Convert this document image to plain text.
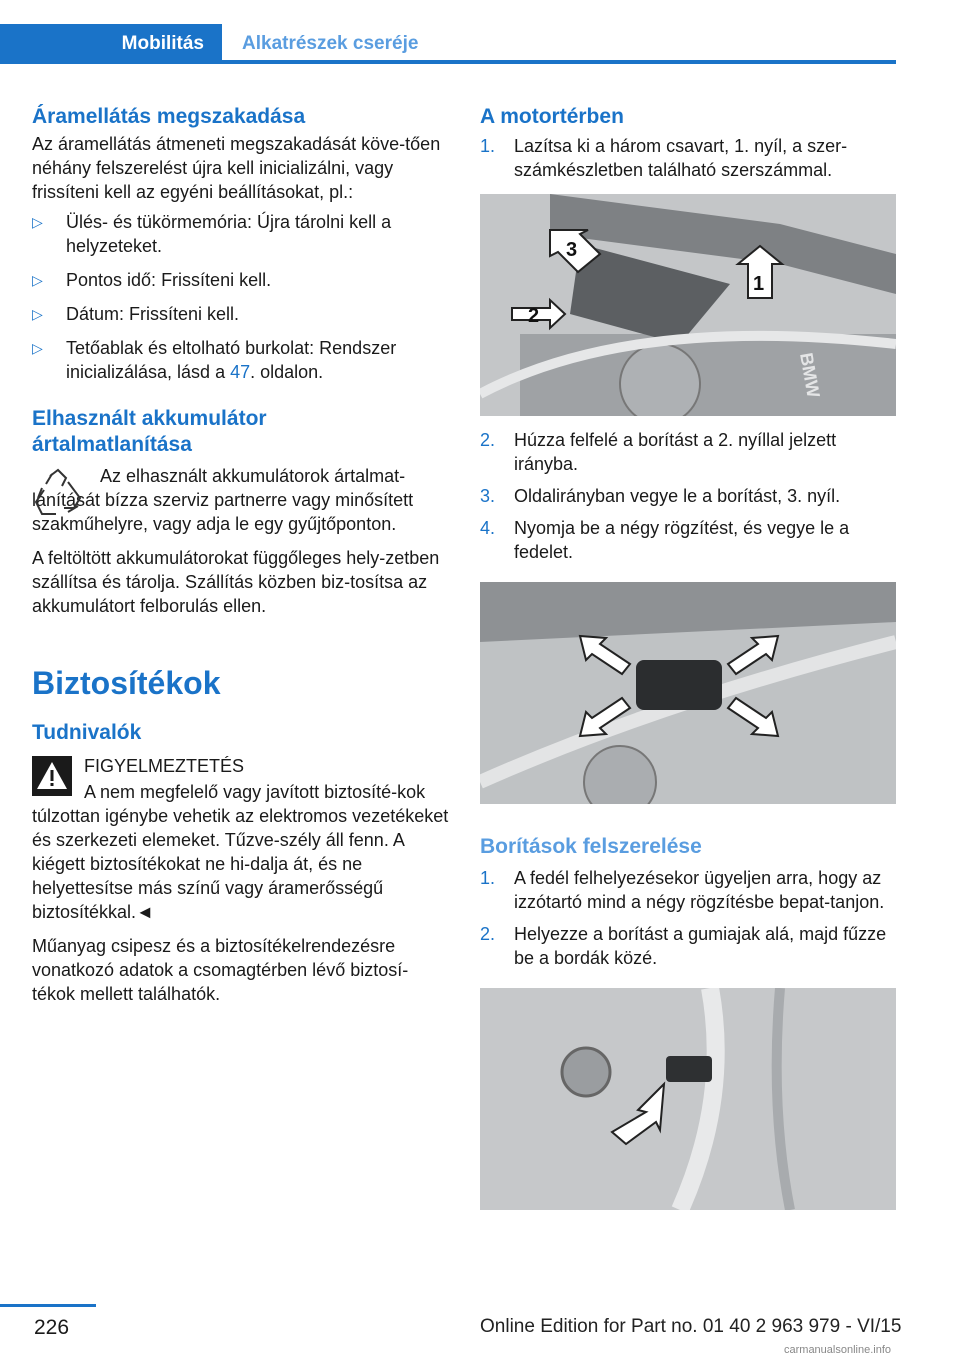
Mobilitás	Alkatrészek cseréje
Áramellátás megszakadása

Az áramellátás átmeneti megszakadását köve-tően néhány felszerelést újra kell inicializálni, vagy frissíteni kell az egyéni beállításokat, pl.:

▷ Ülés- és tükörmemória: Újra tárolni kell a helyzeteket.
▷ Pontos idő: Frissíteni kell.
▷ Dátum: Frissíteni kell.
▷ Tetőablak és eltolható burkolat: Rendszer inicializálása, lásd a 47. oldalon.
Elhasznált akkumulátor ártalmatlanítása

Az elhasznált akkumulátorok ártalmat-lanítását bízza szerviz partnerre vagy minősített szakműhelyre, vagy adja le egy gyűjtőponton.

A feltöltött akkumulátorokat függőleges hely-zetben szállítsa és tárolja. Szállítás közben biz-tosítsa az akkumulátort felborulás ellen.

Biztosítékok
Tudnivalók

FIGYELMEZTETÉS

A nem megfelelő vagy javított biztosíté-kok túlzottan igénybe vehetik az elektromos vezetékeket és szerkezeti elemeket. Tűzve-szély áll fenn. A kiégett biztosítékokat ne hi-dalja át, és ne helyettesítse más színű vagy áramerősségű biztosítékkal.◄

Műanyag csipesz és a biztosítékelrendezésre vonatkozó adatok a csomagtérben lévő biztosí-tékok mellett találhatók.

A motortérben
1. Lazítsa ki a három csavart, 1. nyíl, a szer-számkészletben található szerszámmal.
3
1
2
BMW
2. Húzza felfelé a borítást a 2. nyíllal jelzett irányba.
3. Oldalirányban vegye le a borítást, 3. nyíl.
4. Nyomja be a négy rögzítést, és vegye le a fedelet.
Borítások felszerelése
1. A fedél felhelyezésekor ügyeljen arra, hogy az izzótartó mind a négy rögzítésbe bepat-tanjon.
2. Helyezze a borítást a gumiajak alá, majd fűzze be a bordák közé.
226	Online Edition for Part no. 01 40 2 963 979 - VI/15
carmanualsonline.info
